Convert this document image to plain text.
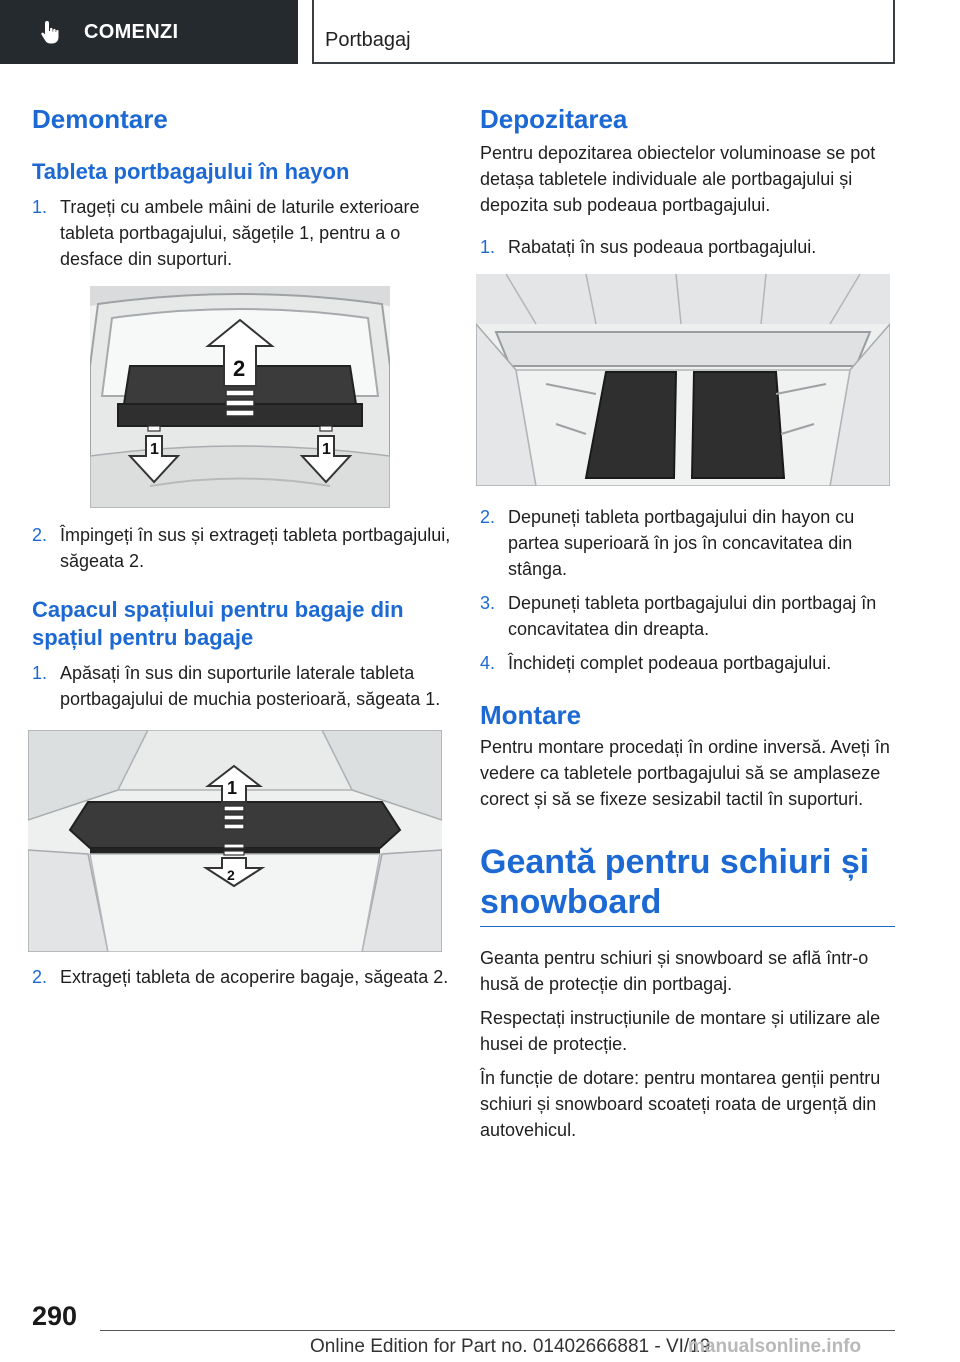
COMENZI	Portbagaj
Demontare
Tableta portbagajului în hayon
1. Trageți cu ambele mâini de laturile exterioare tableta portbagajului, săgețile 1, pentru a o desface din suporturi.
2
1	1
2. Împingeți în sus și extrageți tableta portbagajului, săgeata 2.
Capacul spațiului pentru bagaje din spațiul pentru bagaje
1. Apăsați în sus din suporturile laterale tableta portbagajului de muchia posterioară, săgeata 1.
1
2
2. Extrageți tableta de acoperire bagaje, săgeata 2.
Depozitarea

Pentru depozitarea obiectelor voluminoase se pot detașa tabletele individuale ale portbagajului și depozita sub podeaua portbagajului.

1. Rabatați în sus podeaua portbagajului.
2. Depuneți tableta portbagajului din hayon cu partea superioară în jos în concavitatea din stânga.
3. Depuneți tableta portbagajului din portbagaj în concavitatea din dreapta.
4. Închideți complet podeaua portbagajului.
Montare

Pentru montare procedați în ordine inversă. Aveți în vedere ca tabletele portbagajului să se amplaseze corect și să se fixeze sesizabil tactil în suporturi.

Geantă pentru schiuri și snowboard

Geanta pentru schiuri și snowboard se află într-o husă de protecție din portbagaj.

Respectați instrucțiunile de montare și utilizare ale husei de protecție.

În funcție de dotare: pentru montarea genții pentru schiuri și snowboard scoateți roata de urgență din autovehicul.

290
Online Edition for Part no. 01402666881 - VI/19
manualsonline.info
